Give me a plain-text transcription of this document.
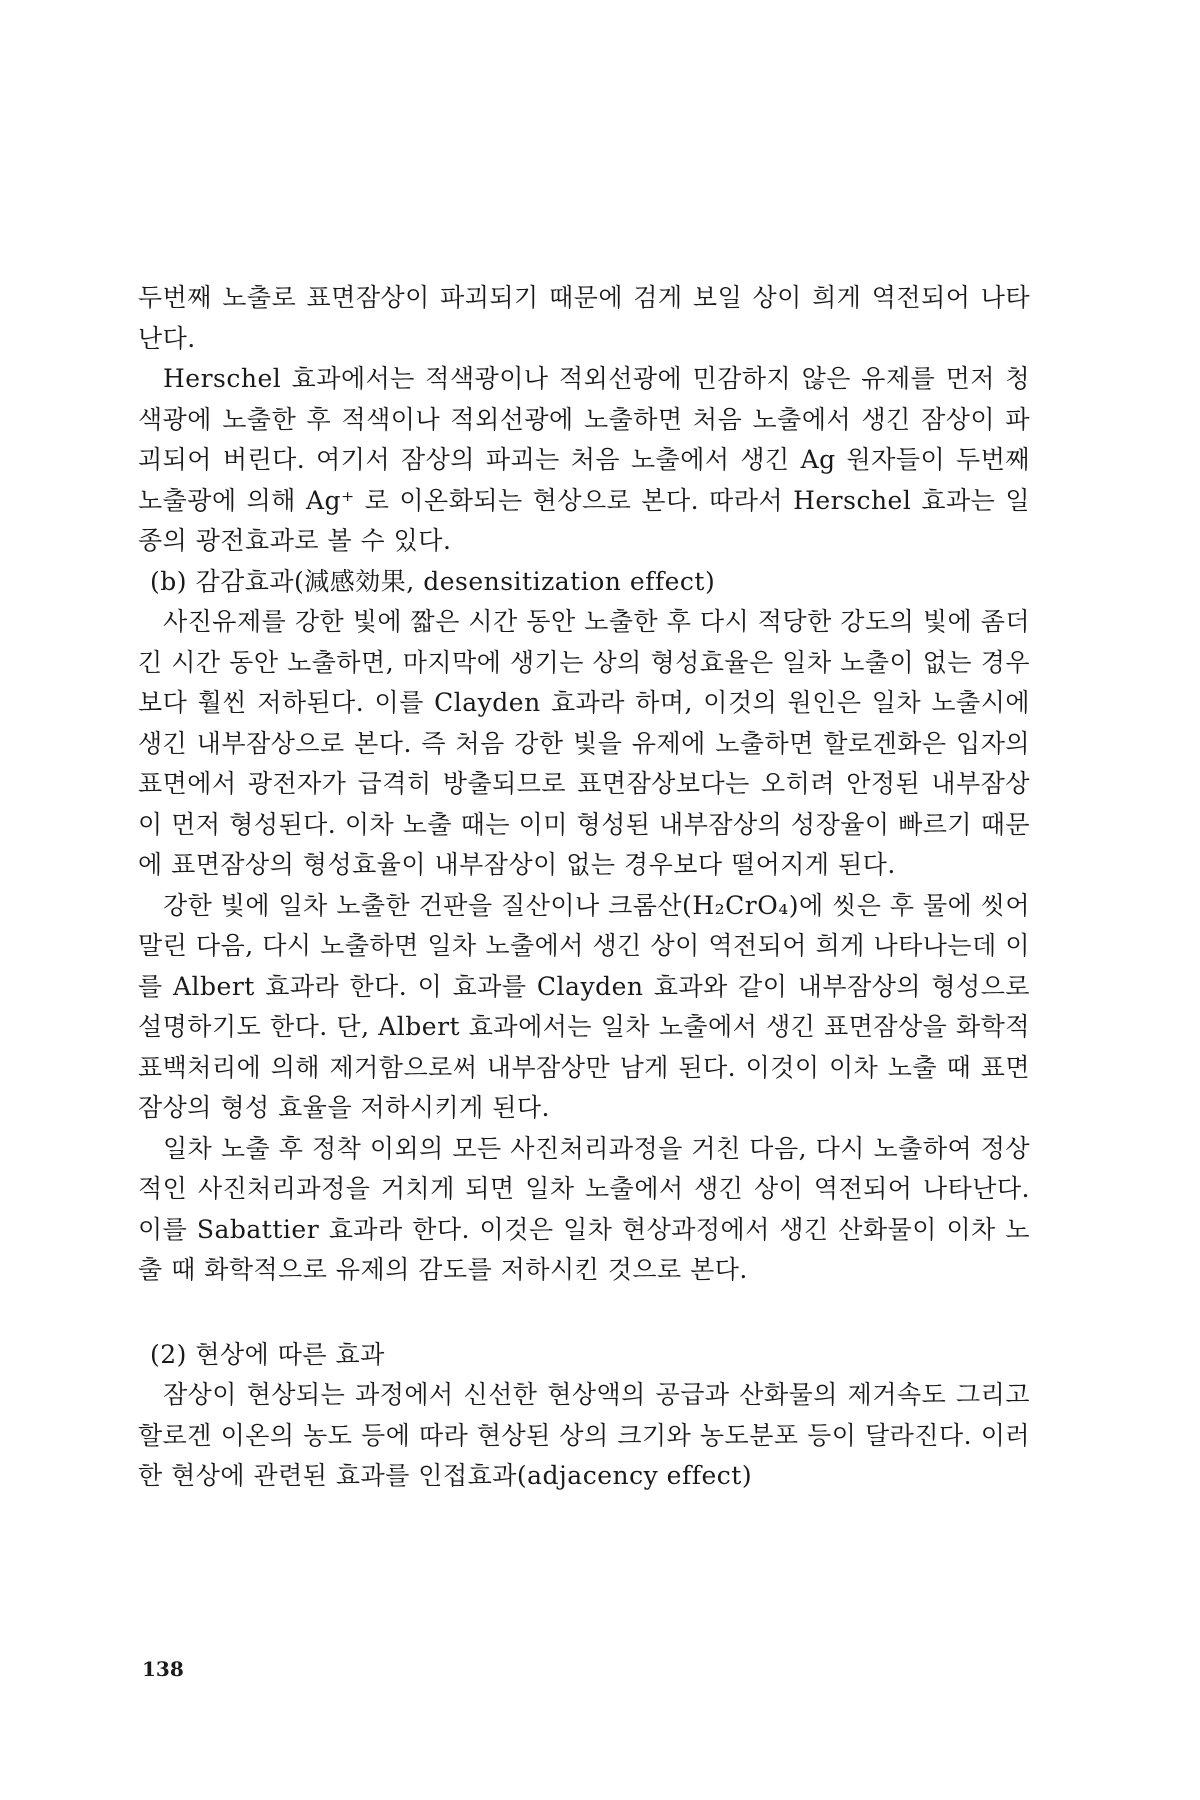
두번째 노출로 표면잠상이 파괴되기 때문에 검게 보일 상이 희게 역전되어 나타난다.

Herschel 효과에서는 적색광이나 적외선광에 민감하지 않은 유제를 먼저 청색광에 노출한 후 적색이나 적외선광에 노출하면 처음 노출에서 생긴 잠상이 파괴되어 버린다. 여기서 잠상의 파괴는 처음 노출에서 생긴 Ag 원자들이 두번째 노출광에 의해 Ag⁺ 로 이온화되는 현상으로 본다. 따라서 Herschel 효과는 일종의 광전효과로 볼 수 있다.

(b) 감감효과(減感効果, desensitization effect)

사진유제를 강한 빛에 짧은 시간 동안 노출한 후 다시 적당한 강도의 빛에 좀더 긴 시간 동안 노출하면, 마지막에 생기는 상의 형성효율은 일차 노출이 없는 경우보다 훨씬 저하된다. 이를 Clayden 효과라 하며, 이것의 원인은 일차 노출시에 생긴 내부잠상으로 본다. 즉 처음 강한 빛을 유제에 노출하면 할로겐화은 입자의 표면에서 광전자가 급격히 방출되므로 표면잠상보다는 오히려 안정된 내부잠상이 먼저 형성된다. 이차 노출 때는 이미 형성된 내부잠상의 성장율이 빠르기 때문에 표면잠상의 형성효율이 내부잠상이 없는 경우보다 떨어지게 된다.

강한 빛에 일차 노출한 건판을 질산이나 크롬산(H₂CrO₄)에 씻은 후 물에 씻어 말린 다음, 다시 노출하면 일차 노출에서 생긴 상이 역전되어 희게 나타나는데 이를 Albert 효과라 한다. 이 효과를 Clayden 효과와 같이 내부잠상의 형성으로 설명하기도 한다. 단, Albert 효과에서는 일차 노출에서 생긴 표면잠상을 화학적 표백처리에 의해 제거함으로써 내부잠상만 남게 된다. 이것이 이차 노출 때 표면잠상의 형성 효율을 저하시키게 된다.

일차 노출 후 정착 이외의 모든 사진처리과정을 거친 다음, 다시 노출하여 정상적인 사진처리과정을 거치게 되면 일차 노출에서 생긴 상이 역전되어 나타난다. 이를 Sabattier 효과라 한다. 이것은 일차 현상과정에서 생긴 산화물이 이차 노출 때 화학적으로 유제의 감도를 저하시킨 것으로 본다.

(2) 현상에 따른 효과

잠상이 현상되는 과정에서 신선한 현상액의 공급과 산화물의 제거속도 그리고 할로겐 이온의 농도 등에 따라 현상된 상의 크기와 농도분포 등이 달라진다. 이러한 현상에 관련된 효과를 인접효과(adjacency effect)

138
